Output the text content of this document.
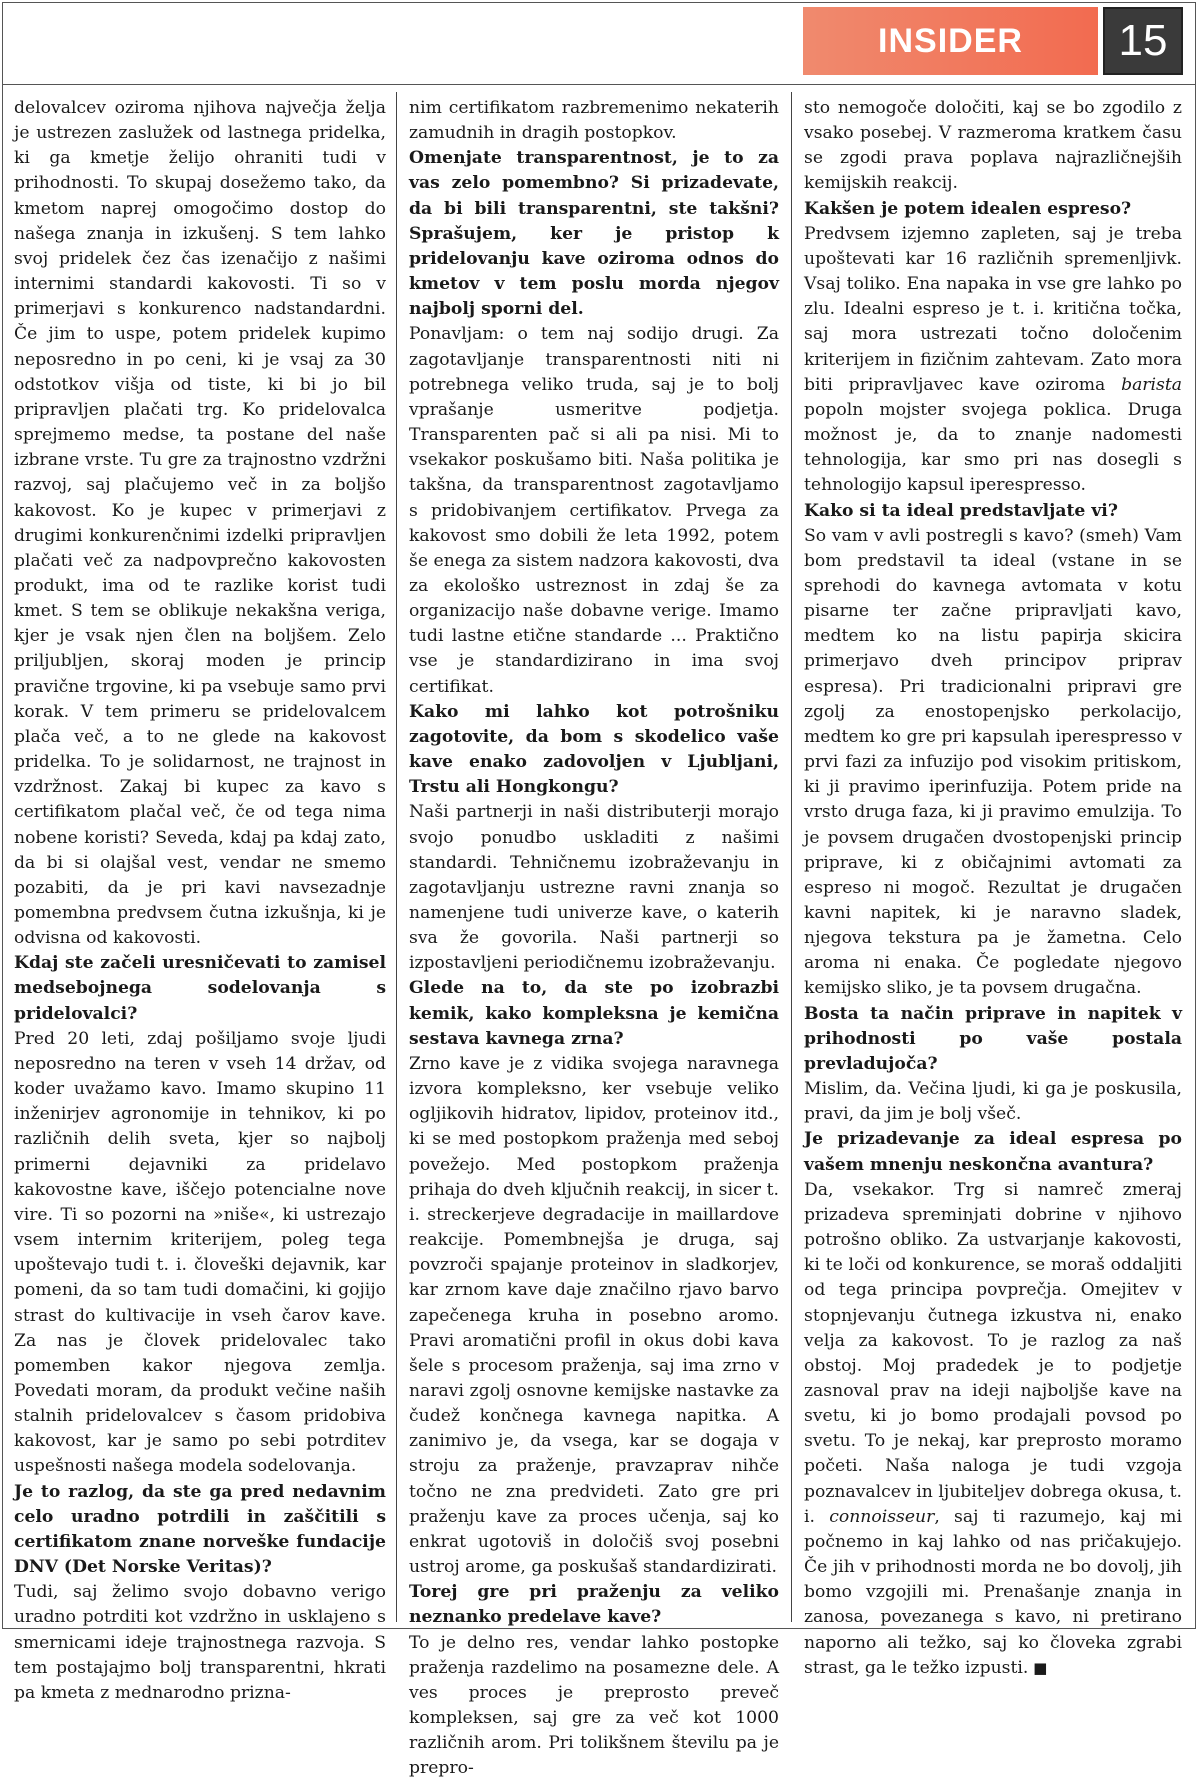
INSIDER 15

delovalcev oziroma njihova največja želja je ustrezen zaslužek od lastnega pridelka, ki ga kmetje želijo ohraniti tudi v prihodnosti. To skupaj dosežemo tako, da kmetom naprej omogočimo dostop do našega znanja in izkušenj. S tem lahko svoj pridelek čez čas izenačijo z našimi internimi standardi kakovosti. Ti so v primerjavi s konkurenco nadstandardni. Če jim to uspe, potem pridelek kupimo neposredno in po ceni, ki je vsaj za 30 odstotkov višja od tiste, ki bi jo bil pripravljen plačati trg. Ko pridelovalca sprejmemo medse, ta postane del naše izbrane vrste. Tu gre za trajnostno vzdržni razvoj, saj plačujemo več in za boljšo kakovost. Ko je kupec v primerjavi z drugimi konkurenčnimi izdelki pripravljen plačati več za nadpovprečno kakovosten produkt, ima od te razlike korist tudi kmet. S tem se oblikuje nekakšna veriga, kjer je vsak njen člen na boljšem. Zelo priljubljen, skoraj moden je princip pravične trgovine, ki pa vsebuje samo prvi korak. V tem primeru se pridelovalcem plača več, a to ne glede na kakovost pridelka. To je solidarnost, ne trajnost in vzdržnost. Zakaj bi kupec za kavo s certifikatom plačal več, če od tega nima nobene koristi? Seveda, kdaj pa kdaj zato, da bi si olajšal vest, vendar ne smemo pozabiti, da je pri kavi navsezadnje pomembna predvsem čutna izkušnja, ki je odvisna od kakovosti.

Kdaj ste začeli uresničevati to zamisel medsebojnega sodelovanja s pridelovalci?

Pred 20 leti, zdaj pošiljamo svoje ljudi neposredno na teren v vseh 14 držav, od koder uvažamo kavo. Imamo skupino 11 inženirjev agronomije in tehnikov, ki po različnih delih sveta, kjer so najbolj primerni dejavniki za pridelavo kakovostne kave, iščejo potencialne nove vire. Ti so pozorni na »niše«, ki ustrezajo vsem internim kriterijem, poleg tega upoštevajo tudi t. i. človeški dejavnik, kar pomeni, da so tam tudi domačini, ki gojijo strast do kultivacije in vseh čarov kave. Za nas je človek pridelovalec tako pomemben kakor njegova zemlja. Povedati moram, da produkt večine naših stalnih pridelovalcev s časom pridobiva kakovost, kar je samo po sebi potrditev uspešnosti našega modela sodelovanja.

Je to razlog, da ste ga pred nedavnim celo uradno potrdili in zaščitili s certifikatom znane norveške fundacije DNV (Det Norske Veritas)?

Tudi, saj želimo svojo dobavno verigo uradno potrditi kot vzdržno in usklajeno s smernicami ideje trajnostnega razvoja. S tem postajajmo bolj transparentni, hkrati pa kmeta z mednarodno prizna-

nim certifikatom razbremenimo nekaterih zamudnih in dragih postopkov.

Omenjate transparentnost, je to za vas zelo pomembno? Si prizadevate, da bi bili transparentni, ste takšni? Sprašujem, ker je pristop k pridelovanju kave oziroma odnos do kmetov v tem poslu morda njegov najbolj sporni del.

Ponavljam: o tem naj sodijo drugi. Za zagotavljanje transparentnosti niti ni potrebnega veliko truda, saj je to bolj vprašanje usmeritve podjetja. Transparenten pač si ali pa nisi. Mi to vsekakor poskušamo biti. Naša politika je takšna, da transparentnost zagotavljamo s pridobivanjem certifikatov. Prvega za kakovost smo dobili že leta 1992, potem še enega za sistem nadzora kakovosti, dva za ekološko ustreznost in zdaj še za organizacijo naše dobavne verige. Imamo tudi lastne etične standarde ... Praktično vse je standardizirano in ima svoj certifikat.

Kako mi lahko kot potrošniku zagotovite, da bom s skodelico vaše kave enako zadovoljen v Ljubljani, Trstu ali Hongkongu?

Naši partnerji in naši distributerji morajo svojo ponudbo uskladiti z našimi standardi. Tehničnemu izobraževanju in zagotavljanju ustrezne ravni znanja so namenjene tudi univerze kave, o katerih sva že govorila. Naši partnerji so izpostavljeni periodičnemu izobraževanju.

Glede na to, da ste po izobrazbi kemik, kako kompleksna je kemična sestava kavnega zrna?

Zrno kave je z vidika svojega naravnega izvora kompleksno, ker vsebuje veliko ogljikovih hidratov, lipidov, proteinov itd., ki se med postopkom praženja med seboj povežejo. Med postopkom praženja prihaja do dveh ključnih reakcij, in sicer t. i. streckerjeve degradacije in maillardove reakcije. Pomembnejša je druga, saj povzroči spajanje proteinov in sladkorjev, kar zrnom kave daje značilno rjavo barvo zapečenega kruha in posebno aromo. Pravi aromatični profil in okus dobi kava šele s procesom praženja, saj ima zrno v naravi zgolj osnovne kemijske nastavke za čudež končnega kavnega napitka. A zanimivo je, da vsega, kar se dogaja v stroju za praženje, pravzaprav nihče točno ne zna predvideti. Zato gre pri praženju kave za proces učenja, saj ko enkrat ugotoviš in določiš svoj posebni ustroj arome, ga poskušaš standardizirati.

Torej gre pri praženju za veliko neznanko predelave kave?

To je delno res, vendar lahko postopke praženja razdelimo na posamezne dele. A ves proces je preprosto preveč kompleksen, saj gre za več kot 1000 različnih arom. Pri tolikšnem številu pa je prepro-

sto nemogoče določiti, kaj se bo zgodilo z vsako posebej. V razmeroma kratkem času se zgodi prava poplava najrazličnejših kemijskih reakcij.

Kakšen je potem idealen espreso?

Predvsem izjemno zapleten, saj je treba upoštevati kar 16 različnih spremenljivk. Vsaj toliko. Ena napaka in vse gre lahko po zlu. Idealni espreso je t. i. kritična točka, saj mora ustrezati točno določenim kriterijem in fizičnim zahtevam. Zato mora biti pripravljavec kave oziroma barista popoln mojster svojega poklica. Druga možnost je, da to znanje nadomesti tehnologija, kar smo pri nas dosegli s tehnologijo kapsul iperespresso.

Kako si ta ideal predstavljate vi?

So vam v avli postregli s kavo? (smeh) Vam bom predstavil ta ideal (vstane in se sprehodi do kavnega avtomata v kotu pisarne ter začne pripravljati kavo, medtem ko na listu papirja skicira primerjavo dveh principov priprav espresa). Pri tradicionalni pripravi gre zgolj za enostopenjsko perkolacijo, medtem ko gre pri kapsulah iperespresso v prvi fazi za infuzijo pod visokim pritiskom, ki ji pravimo iperinfuzija. Potem pride na vrsto druga faza, ki ji pravimo emulzija. To je povsem drugačen dvostopenjski princip priprave, ki z običajnimi avtomati za espreso ni mogoč. Rezultat je drugačen kavni napitek, ki je naravno sladek, njegova tekstura pa je žametna. Celo aroma ni enaka. Če pogledate njegovo kemijsko sliko, je ta povsem drugačna.

Bosta ta način priprave in napitek v prihodnosti po vaše postala prevladujoča?

Mislim, da. Večina ljudi, ki ga je poskusila, pravi, da jim je bolj všeč.

Je prizadevanje za ideal espresa po vašem mnenju neskončna avantura?

Da, vsekakor. Trg si namreč zmeraj prizadeva spreminjati dobrine v njihovo potrošno obliko. Za ustvarjanje kakovosti, ki te loči od konkurence, se moraš oddaljiti od tega principa povprečja. Omejitev v stopnjevanju čutnega izkustva ni, enako velja za kakovost. To je razlog za naš obstoj. Moj pradedek je to podjetje zasnoval prav na ideji najboljše kave na svetu, ki jo bomo prodajali povsod po svetu. To je nekaj, kar preprosto moramo početi. Naša naloga je tudi vzgoja poznavalcev in ljubiteljev dobrega okusa, t. i. connoisseur, saj ti razumejo, kaj mi počnemo in kaj lahko od nas pričakujejo. Če jih v prihodnosti morda ne bo dovolj, jih bomo vzgojili mi. Prenašanje znanja in zanosa, povezanega s kavo, ni pretirano naporno ali težko, saj ko človeka zgrabi strast, ga le težko izpusti. ■
